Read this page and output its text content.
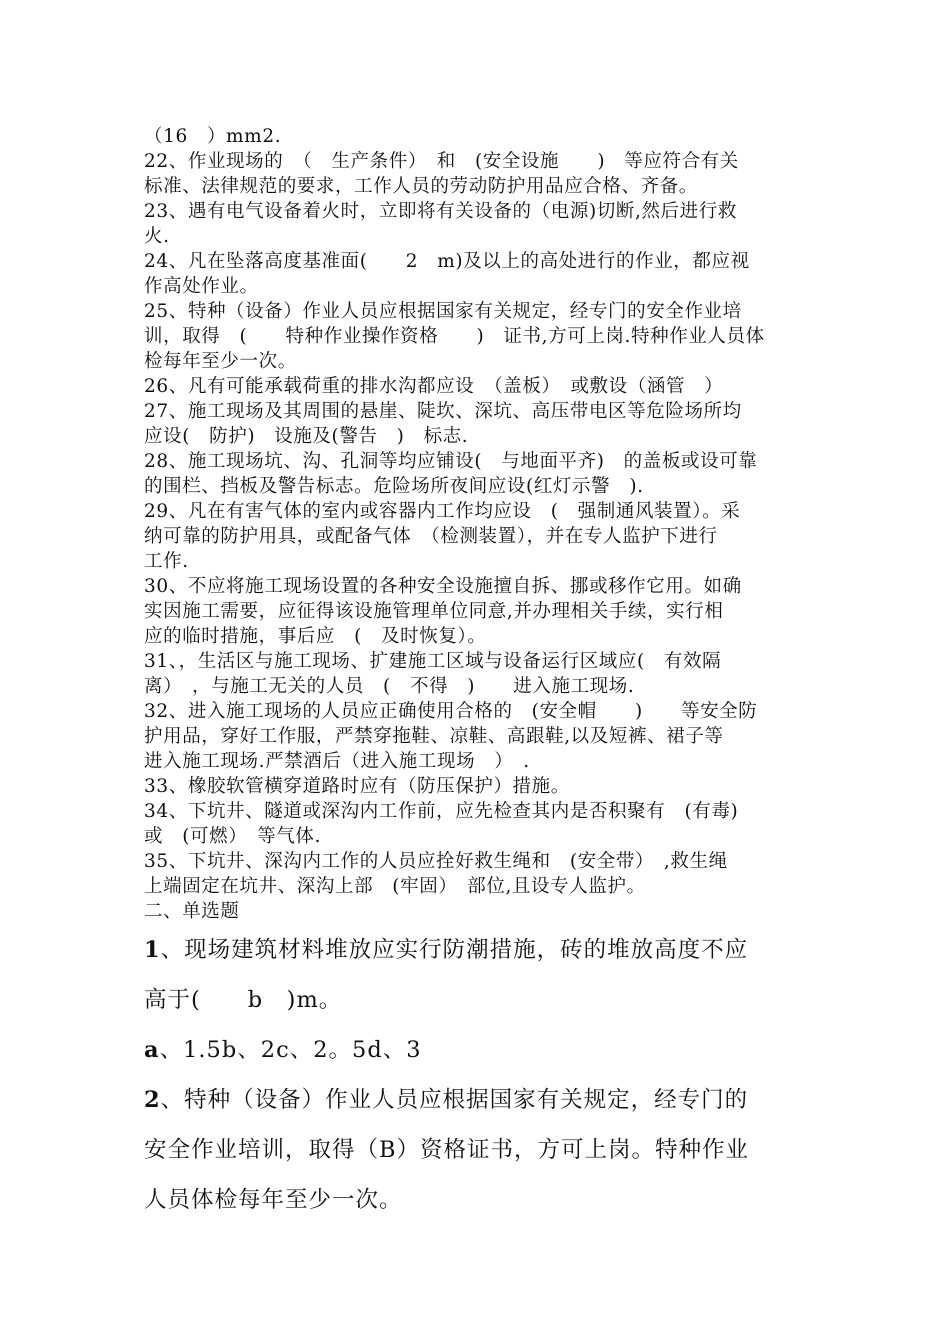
（16　）mm2.
22、作业现场的　（　生产条件）　和　(安全设施　　)　等应符合有关
标准、法律规范的要求，工作人员的劳动防护用品应合格、齐备。
23、遇有电气设备着火时，立即将有关设备的（电源)切断,然后进行救
火.
24、凡在坠落高度基准面(　　2　m)及以上的高处进行的作业，都应视
作高处作业。
25、特种（设备）作业人员应根据国家有关规定，经专门的安全作业培
训，取得　(　　特种作业操作资格　　)　证书,方可上岗.特种作业人员体
检每年至少一次。
26、凡有可能承载荷重的排水沟都应设　（盖板）　或敷设（涵管　）
27、施工现场及其周围的悬崖、陡坎、深坑、高压带电区等危险场所均
应设(　防护)　设施及(警告　)　标志.
28、施工现场坑、沟、孔洞等均应铺设(　与地面平齐)　的盖板或设可靠
的围栏、挡板及警告标志。危险场所夜间应设(红灯示警　).
29、凡在有害气体的室内或容器内工作均应设　(　强制通风装置）。采
纳可靠的防护用具，或配备气体　（检测装置），并在专人监护下进行
工作.
30、不应将施工现场设置的各种安全设施擅自拆、挪或移作它用。如确
实因施工需要，应征得该设施管理单位同意,并办理相关手续，实行相
应的临时措施，事后应　(　及时恢复）。
31、，生活区与施工现场、扩建施工区域与设备运行区域应(　有效隔
离）　，与施工无关的人员　(　不得　)　　进入施工现场.
32、进入施工现场的人员应正确使用合格的　(安全帽　　)　　等安全防
护用品，穿好工作服，严禁穿拖鞋、凉鞋、高跟鞋,以及短裤、裙子等
进入施工现场.严禁酒后（进入施工现场　）　.
33、橡胶软管横穿道路时应有（防压保护）措施。
34、下坑井、隧道或深沟内工作前，应先检查其内是否积聚有　(有毒)
或　(可燃）　等气体.
35、下坑井、深沟内工作的人员应拴好救生绳和　(安全带）　,救生绳
上端固定在坑井、深沟上部　(牢固）　部位,且设专人监护。
二、单选题
1、现场建筑材料堆放应实行防潮措施，砖的堆放高度不应
高于(　　b　)m。
a、1.5b、2c、2。5d、3
2、特种（设备）作业人员应根据国家有关规定，经专门的
安全作业培训，取得（B）资格证书，方可上岗。特种作业
人员体检每年至少一次。
